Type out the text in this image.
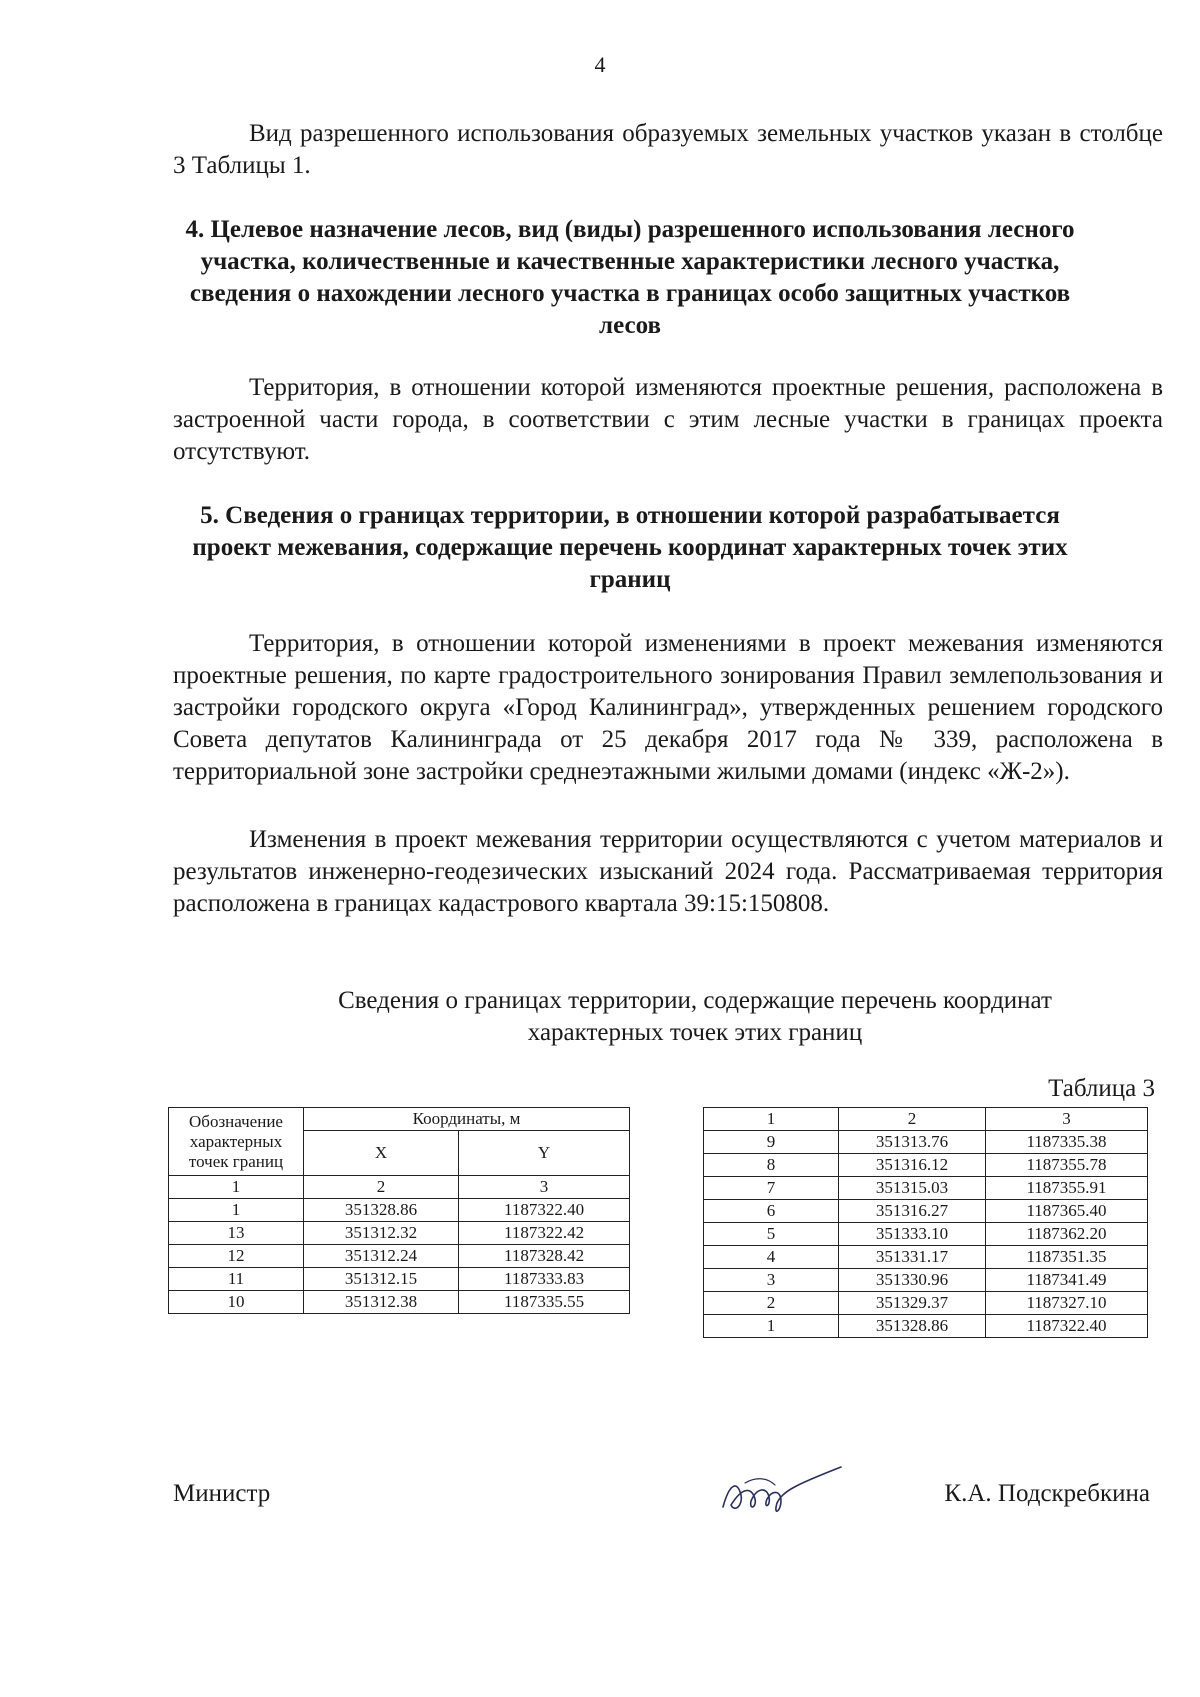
4

Вид разрешенного использования образуемых земельных участков указан в столбце 3 Таблицы 1.

4. Целевое назначение лесов, вид (виды) разрешенного использования лесного участка, количественные и качественные характеристики лесного участка, сведения о нахождении лесного участка в границах особо защитных участков лесов

Территория, в отношении которой изменяются проектные решения, расположена в застроенной части города, в соответствии с этим лесные участки в границах проекта отсутствуют.

5. Сведения о границах территории, в отношении которой разрабатывается проект межевания, содержащие перечень координат характерных точек этих границ

Территория, в отношении которой изменениями в проект межевания изменяются проектные решения, по карте градостроительного зонирования Правил землепользования и застройки городского округа «Город Калининград», утвержденных решением городского Совета депутатов Калининграда от 25 декабря 2017 года № 339, расположена в территориальной зоне застройки среднеэтажными жилыми домами (индекс «Ж-2»).

Изменения в проект межевания территории осуществляются с учетом материалов и результатов инженерно-геодезических изысканий 2024 года. Рассматриваемая территория расположена в границах кадастрового квартала 39:15:150808.

Сведения о границах территории, содержащие перечень координат характерных точек этих границ

Таблица 3
Обозначение характерных точек границ	Координаты, м	
	X	Y
1	2	3
1	351328.86	1187322.40
13	351312.32	1187322.42
12	351312.24	1187328.42
11	351312.15	1187333.83
10	351312.38	1187335.55
1	2	3
9	351313.76	1187335.38
8	351316.12	1187355.78
7	351315.03	1187355.91
6	351316.27	1187365.40
5	351333.10	1187362.20
4	351331.17	1187351.35
3	351330.96	1187341.49
2	351329.37	1187327.10
1	351328.86	1187322.40
Министр	К.А. Подскребкина
